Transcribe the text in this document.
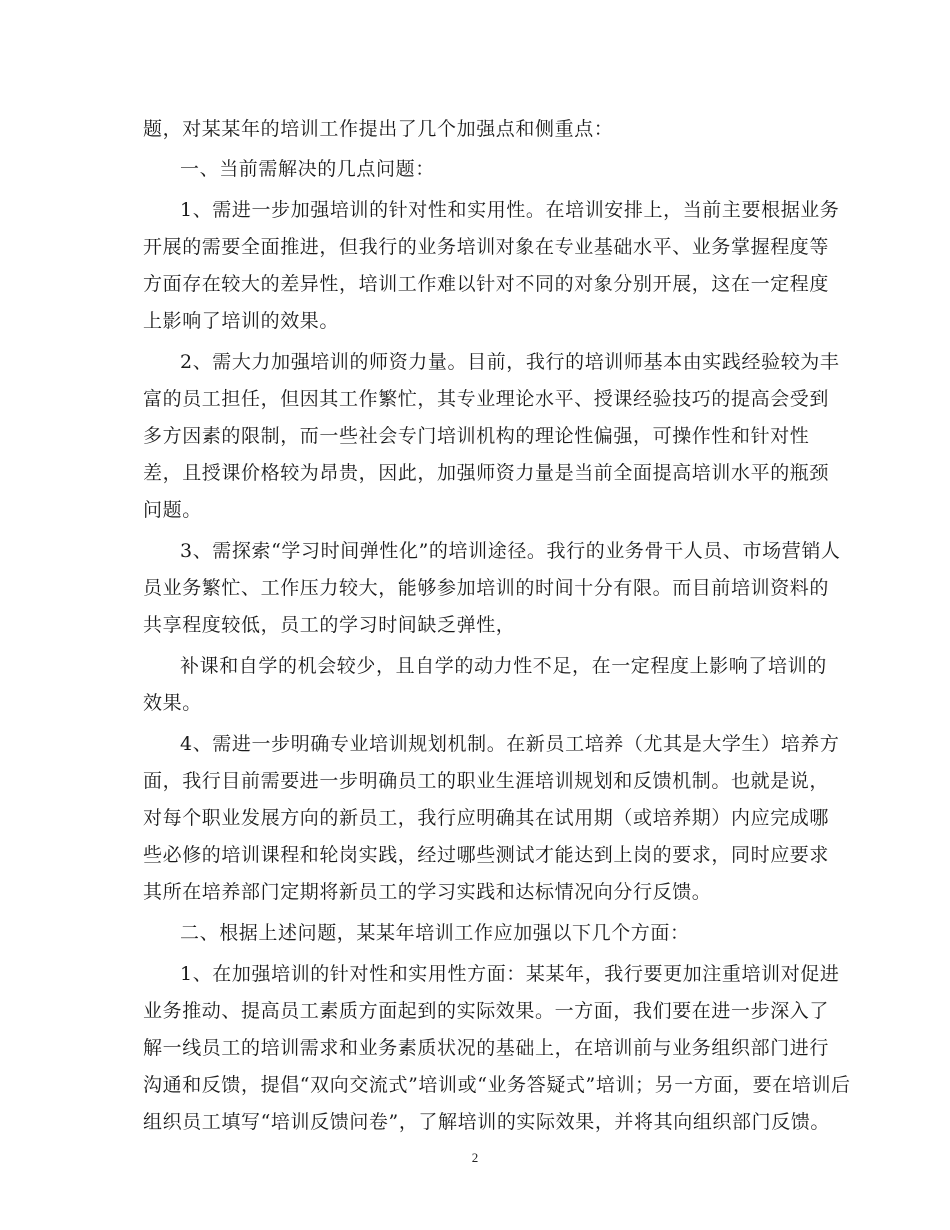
题，对某某年的培训工作提出了几个加强点和侧重点：
一、当前需解决的几点问题：
1、需进一步加强培训的针对性和实用性。在培训安排上，当前主要根据业务
开展的需要全面推进，但我行的业务培训对象在专业基础水平、业务掌握程度等
方面存在较大的差异性，培训工作难以针对不同的对象分别开展，这在一定程度
上影响了培训的效果。
2、需大力加强培训的师资力量。目前，我行的培训师基本由实践经验较为丰
富的员工担任，但因其工作繁忙，其专业理论水平、授课经验技巧的提高会受到
多方因素的限制，而一些社会专门培训机构的理论性偏强，可操作性和针对性
差，且授课价格较为昂贵，因此，加强师资力量是当前全面提高培训水平的瓶颈
问题。
3、需探索“学习时间弹性化”的培训途径。我行的业务骨干人员、市场营销人
员业务繁忙、工作压力较大，能够参加培训的时间十分有限。而目前培训资料的
共享程度较低，员工的学习时间缺乏弹性，
补课和自学的机会较少，且自学的动力性不足，在一定程度上影响了培训的
效果。
4、需进一步明确专业培训规划机制。在新员工培养（尤其是大学生）培养方
面，我行目前需要进一步明确员工的职业生涯培训规划和反馈机制。也就是说，
对每个职业发展方向的新员工，我行应明确其在试用期（或培养期）内应完成哪
些必修的培训课程和轮岗实践，经过哪些测试才能达到上岗的要求，同时应要求
其所在培养部门定期将新员工的学习实践和达标情况向分行反馈。
二、根据上述问题，某某年培训工作应加强以下几个方面：
1、在加强培训的针对性和实用性方面：某某年，我行要更加注重培训对促进
业务推动、提高员工素质方面起到的实际效果。一方面，我们要在进一步深入了
解一线员工的培训需求和业务素质状况的基础上，在培训前与业务组织部门进行
沟通和反馈，提倡“双向交流式”培训或“业务答疑式”培训；另一方面，要在培训后
组织员工填写“培训反馈问卷”，了解培训的实际效果，并将其向组织部门反馈。
2
